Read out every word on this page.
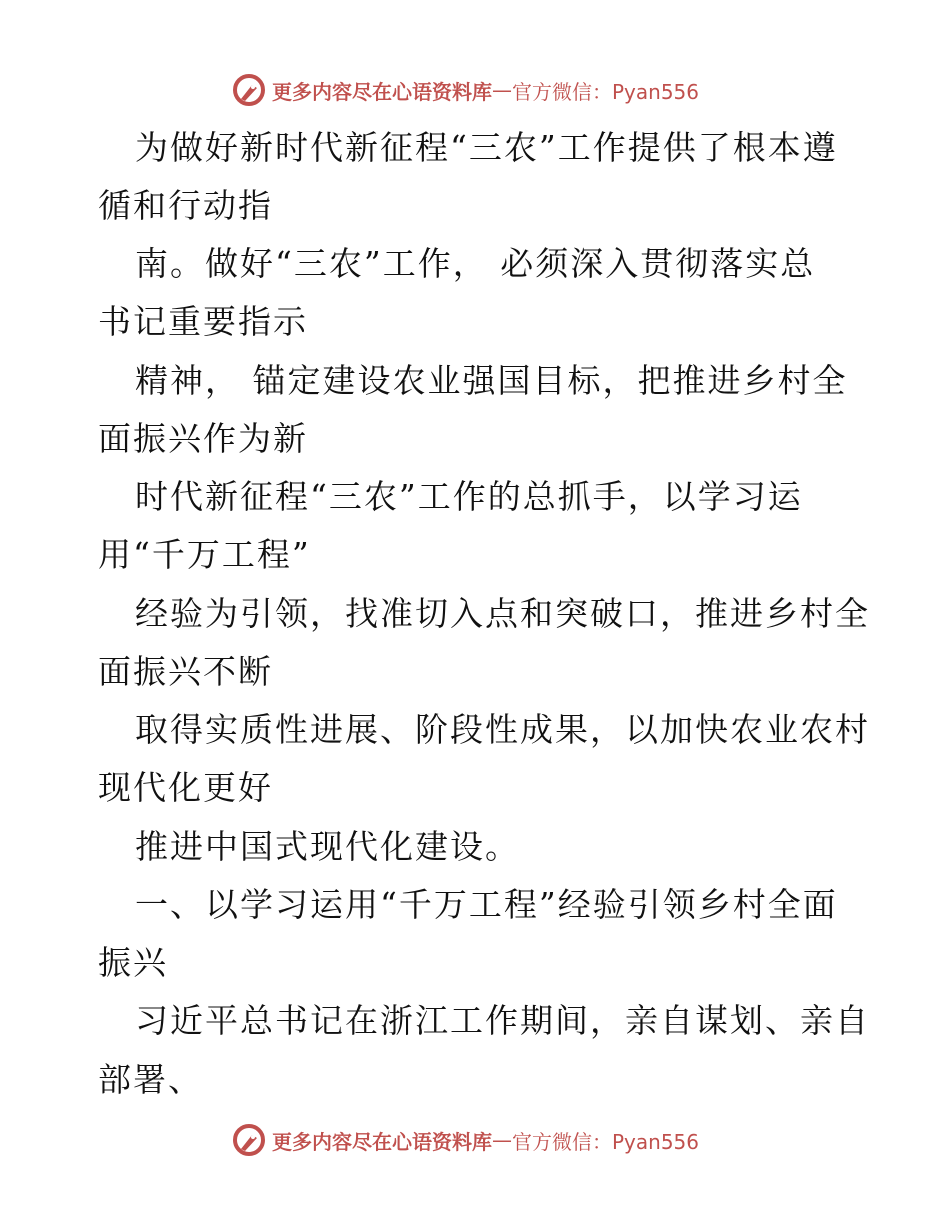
更多内容尽在心语资料库 — 官方微信：Pyan556
为做好新时代新征程“三农”工作提供了根本遵
循和行动指
南。做好“三农”工作， 必须深入贯彻落实总
书记重要指示
精神， 锚定建设农业强国目标，把推进乡村全
面振兴作为新
时代新征程“三农”工作的总抓手，以学习运
用“千万工程”
经验为引领，找准切入点和突破口，推进乡村全
面振兴不断
取得实质性进展、阶段性成果，以加快农业农村
现代化更好
推进中国式现代化建设。
一、以学习运用“千万工程”经验引领乡村全面
振兴
习近平总书记在浙江工作期间，亲自谋划、亲自
部署、
更多内容尽在心语资料库 — 官方微信：Pyan556
